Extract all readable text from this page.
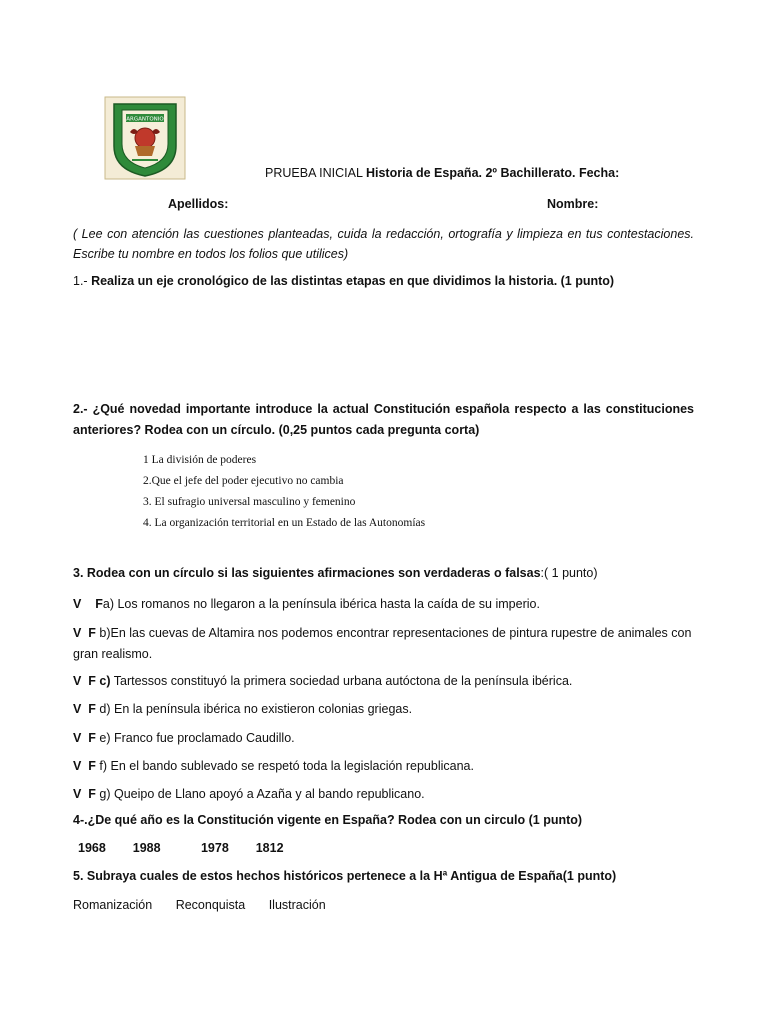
ARGANTONIO
PRUEBA INICIAL Historia de España. 2º Bachillerato. Fecha:
Apellidos:	Nombre:
( Lee con atención las cuestiones planteadas, cuida la redacción, ortografía y limpieza en tus contestaciones. Escribe tu nombre en todos los folios que utilices)
1.- Realiza un eje cronológico de las distintas etapas en que dividimos la historia. (1 punto)
2.- ¿Qué novedad importante introduce la actual Constitución española respecto a las constituciones anteriores? Rodea con un círculo. (0,25 puntos cada pregunta corta)
1 La división de poderes
2.Que el jefe del poder ejecutivo no cambia
3. El sufragio universal masculino y femenino
4. La organización territorial en un Estado de las Autonomías
3. Rodea con un círculo si las siguientes afirmaciones son verdaderas o falsas:( 1 punto)
V    Fa) Los romanos no llegaron a la península ibérica hasta la caída de su imperio.
V  F b)En las cuevas de Altamira nos podemos encontrar representaciones de pintura rupestre de animales con gran realismo.
V  F c) Tartessos constituyó la primera sociedad urbana autóctona de la península ibérica.
V  F d) En la península ibérica no existieron colonias griegas.
V  F e) Franco fue proclamado Caudillo.
V  F f) En el bando sublevado se respetó toda la legislación republicana.
V  F g) Queipo de Llano apoyó a Azaña y al bando republicano.
4-.¿De qué año es la Constitución vigente en España? Rodea con un circulo (1 punto)
1968  1988   1978  1812
5. Subraya cuales de estos hechos históricos pertenece a la Hª Antigua de España(1 punto)
Romanización Reconquista Ilustración
